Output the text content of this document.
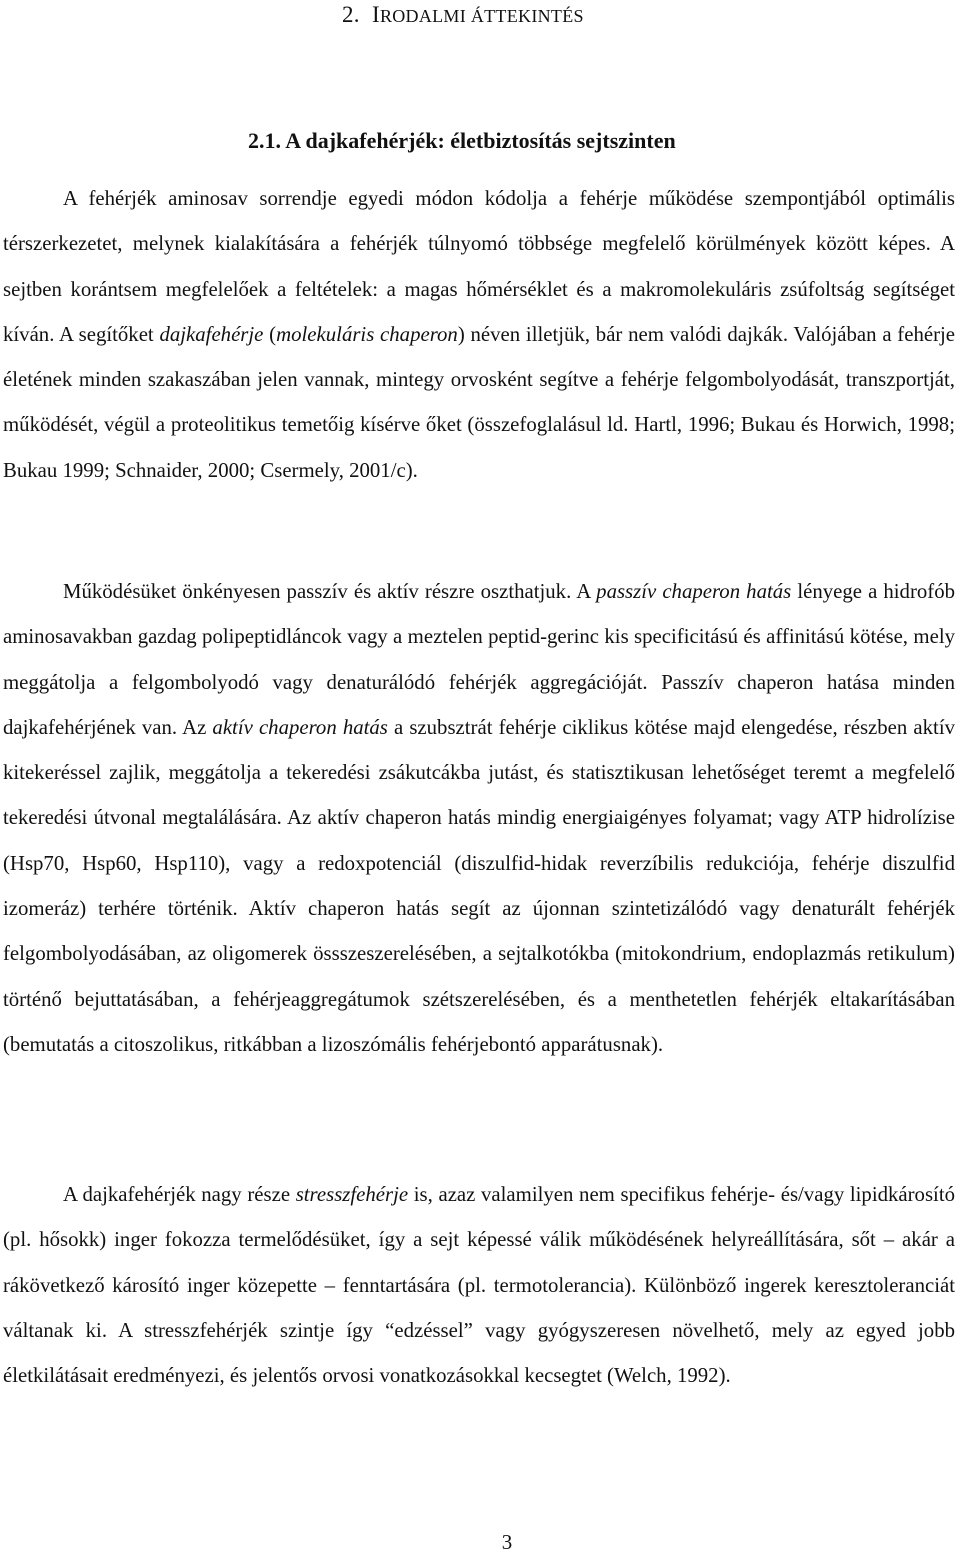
2. IRODALMI ÁTTEKINTÉS
2.1. A dajkafehérjék: életbiztosítás sejtszinten

A fehérjék aminosav sorrendje egyedi módon kódolja a fehérje működése szempontjából optimális térszerkezetet, melynek kialakítására a fehérjék túlnyomó többsége megfelelő körülmények között képes. A sejtben korántsem megfelelőek a feltételek: a magas hőmérséklet és a makromolekuláris zsúfoltság segítséget kíván. A segítőket dajkafehérje (molekuláris chaperon) néven illetjük, bár nem valódi dajkák. Valójában a fehérje életének minden szakaszában jelen vannak, mintegy orvosként segítve a fehérje felgombolyodását, transzportját, működését, végül a proteolitikus temetőig kísérve őket (összefoglalásul ld. Hartl, 1996; Bukau és Horwich, 1998; Bukau 1999; Schnaider, 2000; Csermely, 2001/c).

Működésüket önkényesen passzív és aktív részre oszthatjuk. A passzív chaperon hatás lényege a hidrofób aminosavakban gazdag polipeptidláncok vagy a meztelen peptid-gerinc kis specificitású és affinitású kötése, mely meggátolja a felgombolyodó vagy denaturálódó fehérjék aggregációját. Passzív chaperon hatása minden dajkafehérjének van. Az aktív chaperon hatás a szubsztrát fehérje ciklikus kötése majd elengedése, részben aktív kitekeréssel zajlik, meggátolja a tekeredési zsákutcákba jutást, és statisztikusan lehetőséget teremt a megfelelő tekeredési útvonal megtalálására. Az aktív chaperon hatás mindig energiaigényes folyamat; vagy ATP hidrolízise (Hsp70, Hsp60, Hsp110), vagy a redoxpotenciál (diszulfid-hidak reverzíbilis redukciója, fehérje diszulfid izomeráz) terhére történik. Aktív chaperon hatás segít az újonnan szintetizálódó vagy denaturált fehérjék felgombolyodásában, az oligomerek össszeszerelésében, a sejtalkotókba (mitokondrium, endoplazmás retikulum) történő bejuttatásában, a fehérjeaggregátumok szétszerelésében, és a menthetetlen fehérjék eltakarításában (bemutatás a citoszolikus, ritkábban a lizoszómális fehérjebontó apparátusnak).

A dajkafehérjék nagy része stresszfehérje is, azaz valamilyen nem specifikus fehérje- és/vagy lipidkárosító (pl. hősokk) inger fokozza termelődésüket, így a sejt képessé válik működésének helyreállítására, sőt – akár a rákövetkező károsító inger közepette – fenntartására (pl. termotolerancia). Különböző ingerek keresztoleranciát váltanak ki. A stresszfehérjék szintje így “edzéssel” vagy gyógyszeresen növelhető, mely az egyed jobb életkilátásait eredményezi, és jelentős orvosi vonatkozásokkal kecsegtet (Welch, 1992).

3
